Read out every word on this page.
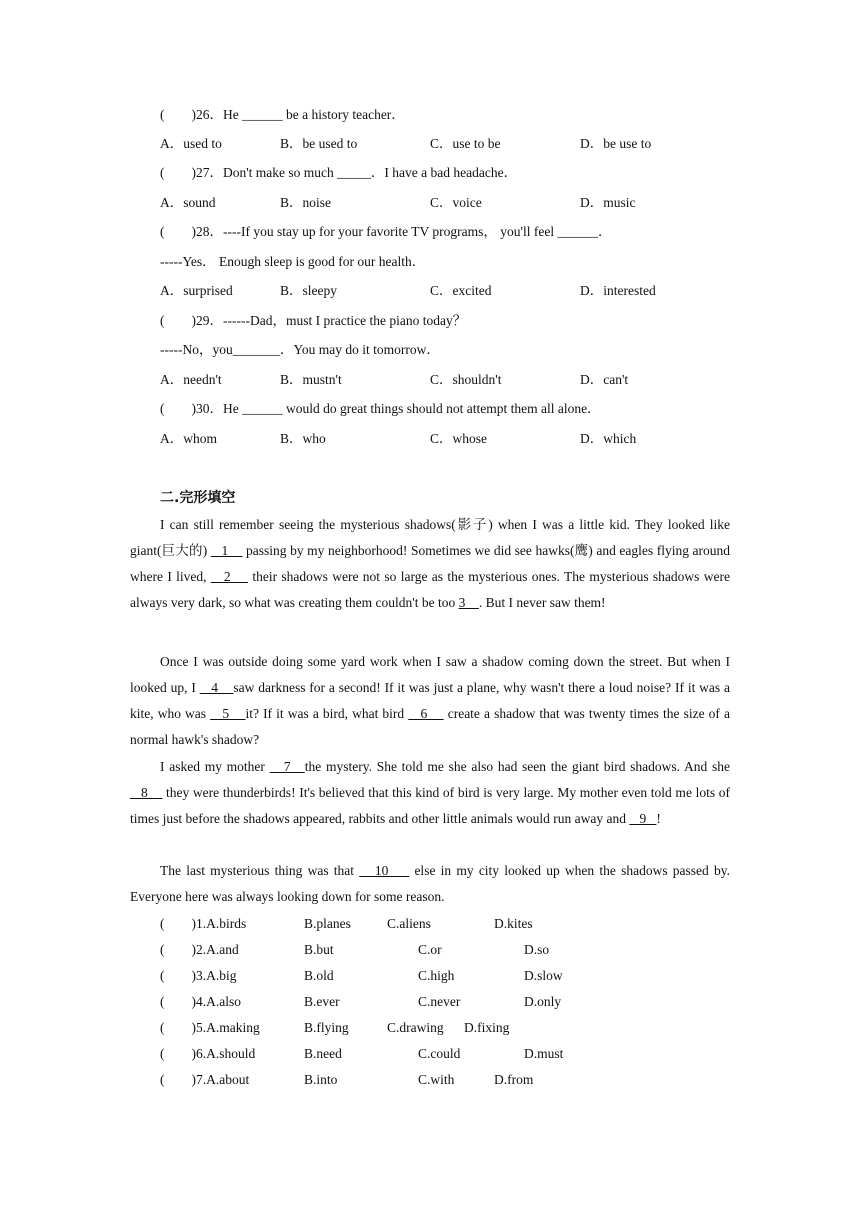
(　　)26．He ______ be a history teacher．
A．used to	B．be used to	C．use to be	D．be use to
(　　)27．Don't make so much _____．I have a bad headache．
A．sound	B．noise	C．voice	D．music
(　　)28．----If you stay up for your favorite TV programs， you'll feel ______．
-----Yes． Enough sleep is good for our health．
A．surprised	B．sleepy	C．excited	D．interested
(　　)29．------Dad，must I practice the piano today？
-----No，you_______．You may do it tomorrow．
A．needn't	B．mustn't	C．shouldn't	D．can't
(　　)30．He ______ would do great things should not attempt them all alone．
A．whom	B．who	C．whose	D．which
二.完形填空
I can still remember seeing the mysterious shadows(影子) when I was a little kid. They looked like giant(巨大的)    1     passing by my neighborhood! Sometimes we did see hawks(鹰) and eagles flying around where I lived,    2     their shadows were not so large as the mysterious ones. The mysterious shadows were always very dark, so what was creating them couldn't be too 3    . But I never saw them!
Once I was outside doing some yard work when I saw a shadow coming down the street. But when I looked up, I    4    saw darkness for a second! If it was just a plane, why wasn't there a loud noise? If it was a kite, who was    5    it? If it was a bird, what bird    6     create a shadow that was twenty times the size of a normal hawk's shadow?
I asked my mother    7   the mystery. She told me she also had seen the giant bird shadows. And she    8     they were thunderbirds! It's believed that this kind of bird is very large. My mother even told me lots of times just before the shadows appeared, rabbits and other little animals would run away and    9   !
The last mysterious thing was that    10     else in my city looked up when the shadows passed by. Everyone here was always looking down for some reason.
(　　)1.A.birds	B.planes	C.aliens	D.kites
(　　)2.A.and	B.but	C.or	D.so
(　　)3.A.big	B.old	C.high	D.slow
(　　)4.A.also	B.ever	C.never	D.only
(　　)5.A.making	B.flying	C.drawing D.fixing
(　　)6.A.should	B.need	C.could	D.must
(　　)7.A.about	B.into	C.with	D.from
